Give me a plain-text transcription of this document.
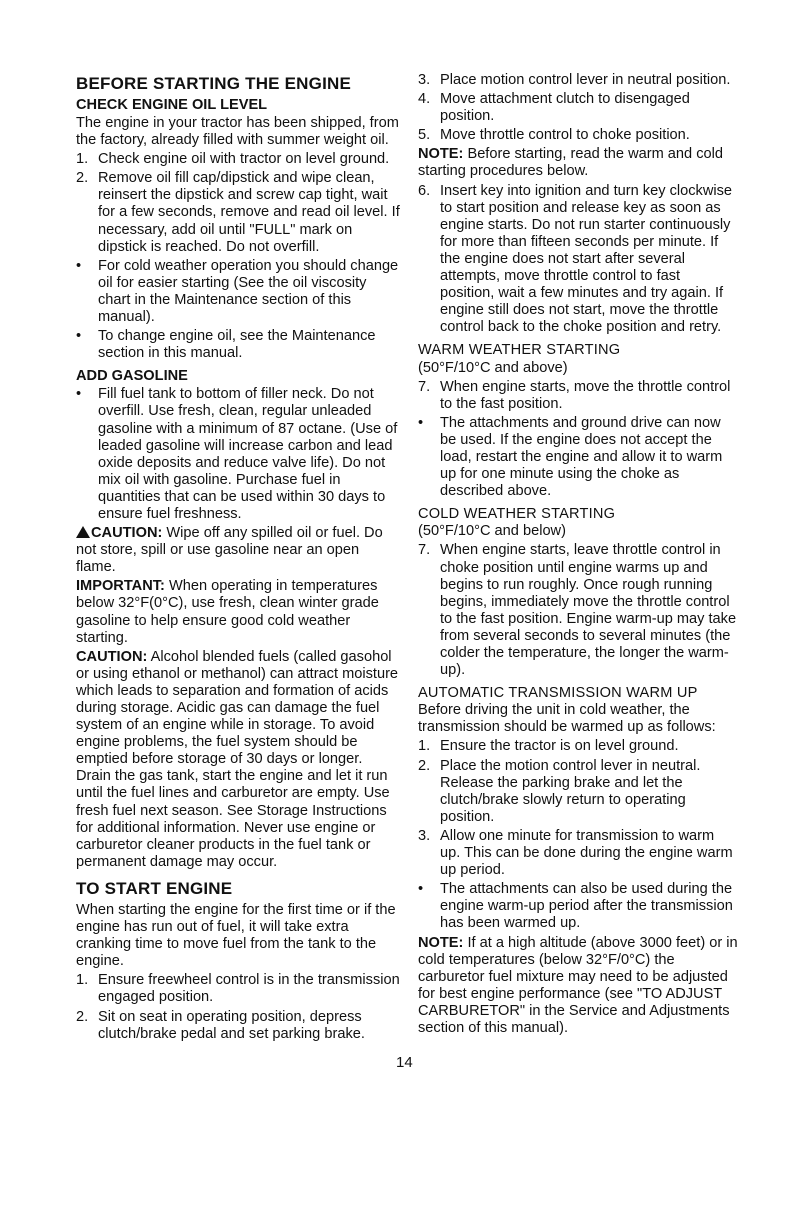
BEFORE STARTING THE ENGINE
CHECK ENGINE OIL LEVEL
The engine in your tractor has been shipped, from the factory, already filled with summer weight oil.
1. Check engine oil with tractor on level ground.
2. Remove oil fill cap/dipstick and wipe clean, reinsert the dipstick and screw cap tight, wait for a few seconds, remove and read oil level. If necessary, add oil until "FULL" mark on dipstick is reached. Do not overfill.
• For cold weather operation you should change oil for easier starting (See the oil viscosity chart in the Maintenance section of this manual).
• To change engine oil, see the Maintenance section in this manual.
ADD GASOLINE
• Fill fuel tank to bottom of filler neck. Do not overfill. Use fresh, clean, regular unleaded gasoline with a minimum of 87 octane. (Use of leaded gasoline will increase carbon and lead oxide deposits and reduce valve life). Do not mix oil with gasoline. Purchase fuel in quantities that can be used within 30 days to ensure fuel freshness.
CAUTION: Wipe off any spilled oil or fuel. Do not store, spill or use gasoline near an open flame.
IMPORTANT: When operating in temperatures below 32°F(0°C), use fresh, clean winter grade gasoline to help ensure good cold weather starting.
CAUTION: Alcohol blended fuels (called gasohol or using ethanol or methanol) can attract moisture which leads to separation and formation of acids during storage. Acidic gas can damage the fuel system of an engine while in storage. To avoid engine problems, the fuel system should be emptied before storage of 30 days or longer. Drain the gas tank, start the engine and let it run until the fuel lines and carburetor are empty. Use fresh fuel next season. See Storage Instructions for additional information. Never use engine or carburetor cleaner products in the fuel tank or permanent damage may occur.
TO START ENGINE
When starting the engine for the first time or if the engine has run out of fuel, it will take extra cranking time to move fuel from the tank to the engine.
1. Ensure freewheel control is in the transmission engaged position.
2. Sit on seat in operating position, depress clutch/brake pedal and set parking brake.
3. Place motion control lever in neutral position.
4. Move attachment clutch to disengaged position.
5. Move throttle control to choke position.
NOTE: Before starting, read the warm and cold starting procedures below.
6. Insert key into ignition and turn key clockwise to start position and release key as soon as engine starts. Do not run starter continuously for more than fifteen seconds per minute. If the engine does not start after several attempts, move throttle control to fast position, wait a few minutes and try again. If engine still does not start, move the throttle control back to the choke position and retry.
WARM WEATHER STARTING
(50°F/10°C and above)
7. When engine starts, move the throttle control to the fast position.
• The attachments and ground drive can now be used. If the engine does not accept the load, restart the engine and allow it to warm up for one minute using the choke as described above.
COLD WEATHER STARTING
(50°F/10°C and below)
7. When engine starts, leave throttle control in choke position until engine warms up and begins to run roughly. Once rough running begins, immediately move the throttle control to the fast position. Engine warm-up may take from several seconds to several minutes (the colder the temperature, the longer the warm-up).
AUTOMATIC TRANSMISSION WARM UP
Before driving the unit in cold weather, the transmission should be warmed up as follows:
1. Ensure the tractor is on level ground.
2. Place the motion control lever in neutral. Release the parking brake and let the clutch/brake slowly return to operating position.
3. Allow one minute for transmission to warm up. This can be done during the engine warm up period.
• The attachments can also be used during the engine warm-up period after the transmission has been warmed up.
NOTE: If at a high altitude (above 3000 feet) or in cold temperatures (below 32°F/0°C) the carburetor fuel mixture may need to be adjusted for best engine performance (see "TO ADJUST CARBURETOR" in the Service and Adjustments section of this manual).
14
